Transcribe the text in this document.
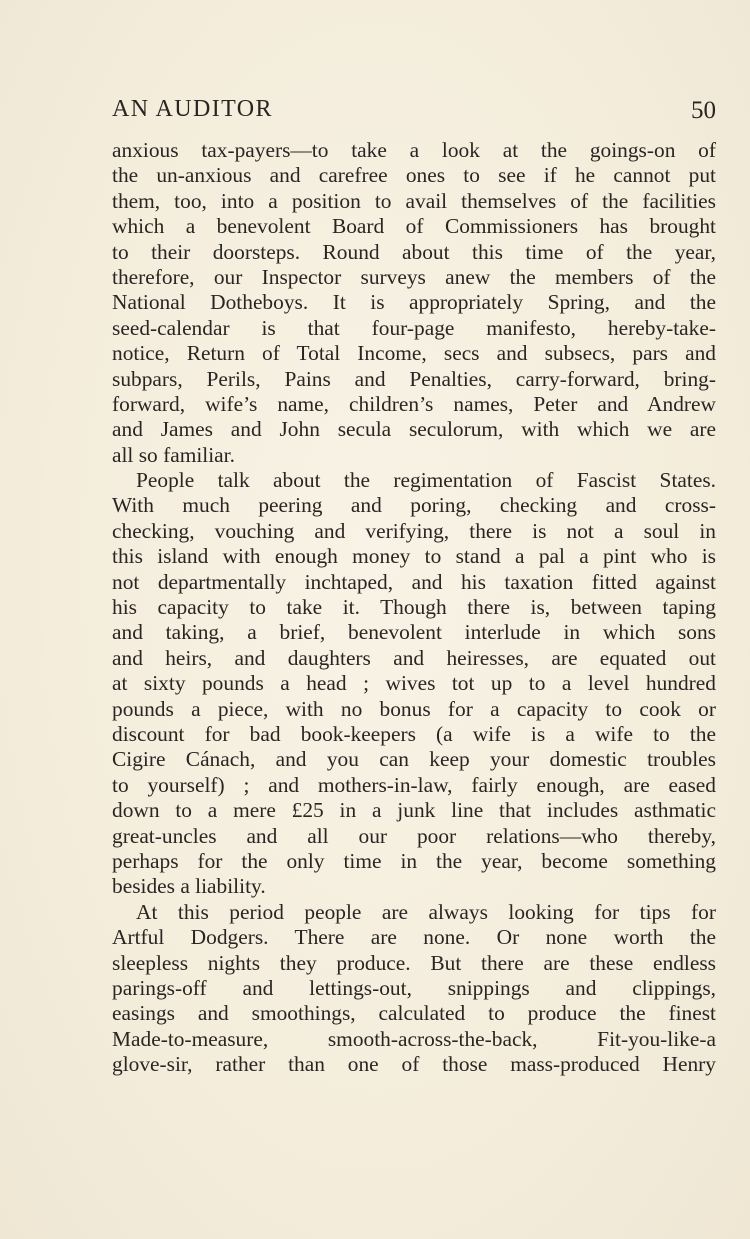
AN AUDITOR	50
anxious tax-payers—to take a look at the goings-on of
the un-anxious and carefree ones to see if he cannot put
them, too, into a position to avail themselves of the facilities
which a benevolent Board of Commissioners has brought
to their doorsteps. Round about this time of the year,
therefore, our Inspector surveys anew the members of the
National Dotheboys. It is appropriately Spring, and the
seed-calendar is that four-page manifesto, hereby-take-
notice, Return of Total Income, secs and subsecs, pars and
subpars, Perils, Pains and Penalties, carry-forward, bring-
forward, wife’s name, children’s names, Peter and Andrew
and James and John secula seculorum, with which we are
all so familiar.
People talk about the regimentation of Fascist States.
With much peering and poring, checking and cross-
checking, vouching and verifying, there is not a soul in
this island with enough money to stand a pal a pint who is
not departmentally inchtaped, and his taxation fitted against
his capacity to take it. Though there is, between taping
and taking, a brief, benevolent interlude in which sons
and heirs, and daughters and heiresses, are equated out
at sixty pounds a head ; wives tot up to a level hundred
pounds a piece, with no bonus for a capacity to cook or
discount for bad book-keepers (a wife is a wife to the
Cigire Cánach, and you can keep your domestic troubles
to yourself) ; and mothers-in-law, fairly enough, are eased
down to a mere £25 in a junk line that includes asthmatic
great-uncles and all our poor relations—who thereby,
perhaps for the only time in the year, become something
besides a liability.
At this period people are always looking for tips for
Artful Dodgers. There are none. Or none worth the
sleepless nights they produce. But there are these endless
parings-off and lettings-out, snippings and clippings,
easings and smoothings, calculated to produce the finest
Made-to-measure, smooth-across-the-back, Fit-you-like-a
glove-sir, rather than one of those mass-produced Henry
